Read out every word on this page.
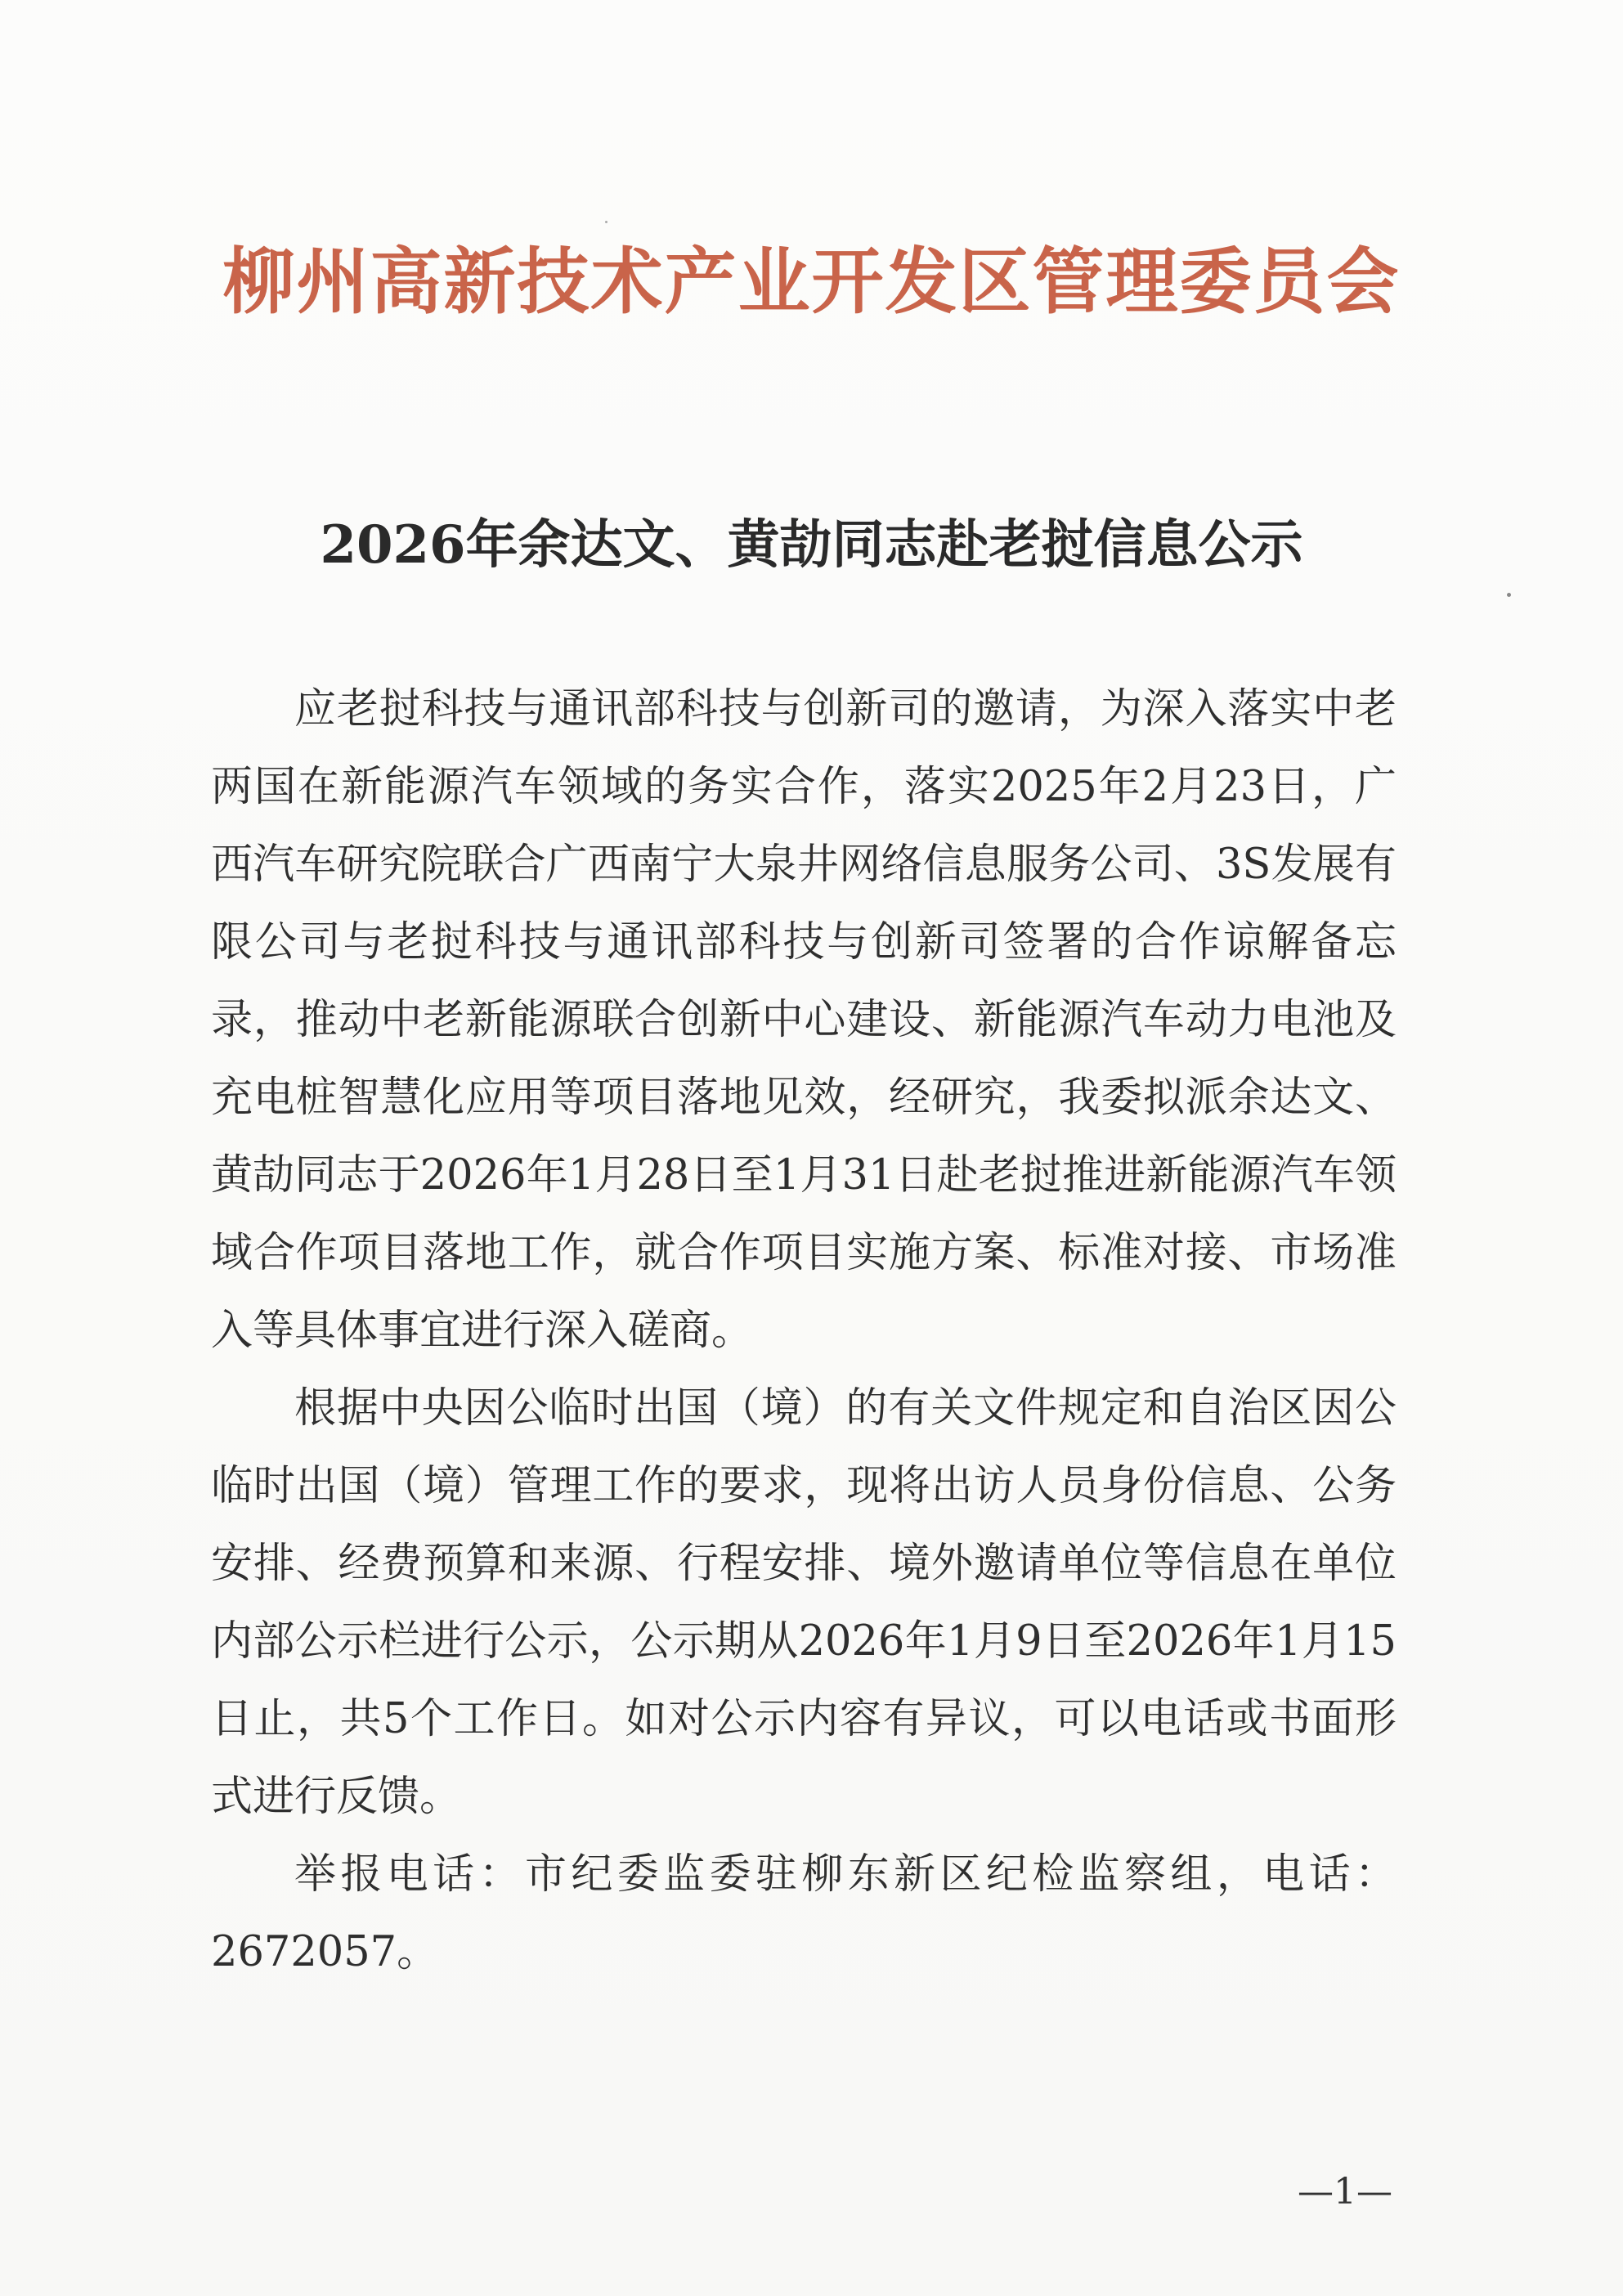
柳州高新技术产业开发区管理委员会
2026年余达文、黄劼同志赴老挝信息公示

应老挝科技与通讯部科技与创新司的邀请，为深入落实中老两国在新能源汽车领域的务实合作，落实2025年2月23日，广西汽车研究院联合广西南宁大泉井网络信息服务公司、3S发展有限公司与老挝科技与通讯部科技与创新司签署的合作谅解备忘录，推动中老新能源联合创新中心建设、新能源汽车动力电池及充电桩智慧化应用等项目落地见效，经研究，我委拟派余达文、黄劼同志于2026年1月28日至1月31日赴老挝推进新能源汽车领域合作项目落地工作，就合作项目实施方案、标准对接、市场准入等具体事宜进行深入磋商。

根据中央因公临时出国（境）的有关文件规定和自治区因公临时出国（境）管理工作的要求，现将出访人员身份信息、公务安排、经费预算和来源、行程安排、境外邀请单位等信息在单位内部公示栏进行公示，公示期从2026年1月9日至2026年1月15日止，共5个工作日。如对公示内容有异议，可以电话或书面形式进行反馈。

举报电话：市纪委监委驻柳东新区纪检监察组，电话：2672057。

—1—
